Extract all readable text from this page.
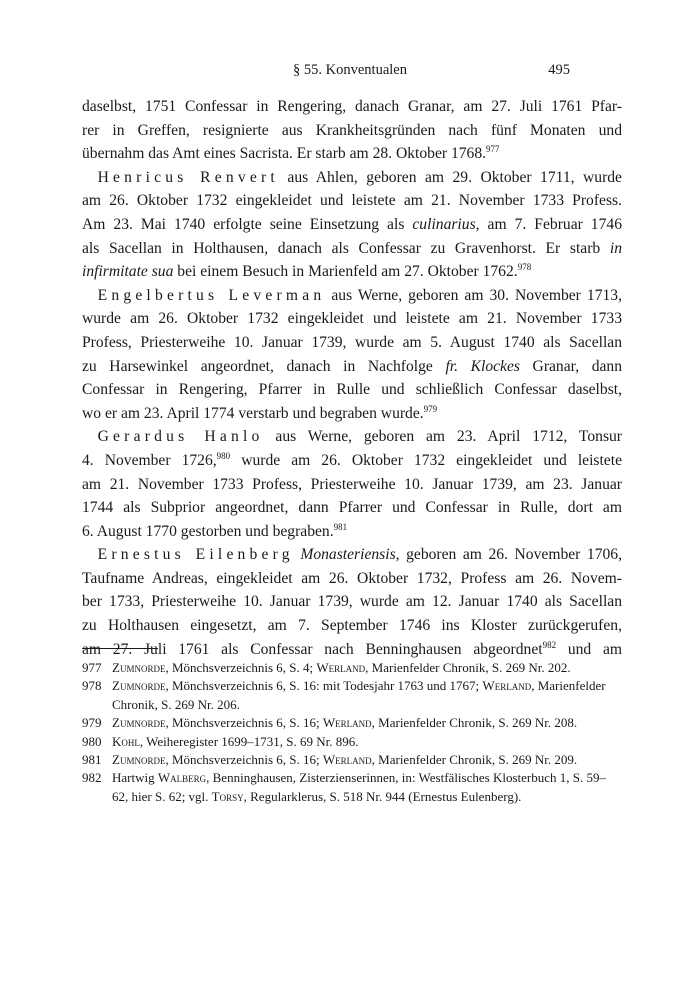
§ 55. Konventualen	495
daselbst, 1751 Confessar in Rengering, danach Granar, am 27. Juli 1761 Pfar-
rer in Greffen, resignierte aus Krankheitsgründen nach fünf Monaten und
übernahm das Amt eines Sacrista. Er starb am 28. Oktober 1768.$^{977}$
 Henricus Renvert aus Ahlen, geboren am 29. Oktober 1711, wurde
am 26. Oktober 1732 eingekleidet und leistete am 21. November 1733 Profess.
Am 23. Mai 1740 erfolgte seine Einsetzung als culinarius, am 7. Februar 1746
als Sacellan in Holthausen, danach als Confessar zu Gravenhorst. Er starb in
infirmitate sua bei einem Besuch in Marienfeld am 27. Oktober 1762.$^{978}$
 Engelbertus Leverman aus Werne, geboren am 30. November 1713,
wurde am 26. Oktober 1732 eingekleidet und leistete am 21. November 1733
Profess, Priesterweihe 10. Januar 1739, wurde am 5. August 1740 als Sacellan
zu Harsewinkel angeordnet, danach in Nachfolge fr. Klockes Granar, dann
Confessar in Rengering, Pfarrer in Rulle und schließlich Confessar daselbst,
wo er am 23. April 1774 verstarb und begraben wurde.$^{979}$
 Gerardus Hanlo aus Werne, geboren am 23. April 1712, Tonsur
4. November 1726,$^{980}$ wurde am 26. Oktober 1732 eingekleidet und leistete
am 21. November 1733 Profess, Priesterweihe 10. Januar 1739, am 23. Januar
1744 als Subprior angeordnet, dann Pfarrer und Confessar in Rulle, dort am
6. August 1770 gestorben und begraben.$^{981}$
 Ernestus Eilenberg Monasteriensis, geboren am 26. November 1706,
Taufname Andreas, eingekleidet am 26. Oktober 1732, Profess am 26. Novem-
ber 1733, Priesterweihe 10. Januar 1739, wurde am 12. Januar 1740 als Sacellan
zu Holthausen eingesetzt, am 7. September 1746 ins Kloster zurückgerufen,
am 27. Juli 1761 als Confessar nach Benninghausen abgeordnet$^{982}$ und am
977 Zumnorde, Mönchsverzeichnis 6, S. 4; Werland, Marienfelder Chronik, S. 269 Nr. 202.
978 Zumnorde, Mönchsverzeichnis 6, S. 16: mit Todesjahr 1763 und 1767; Werland, Marienfelder Chronik, S. 269 Nr. 206.
979 Zumnorde, Mönchsverzeichnis 6, S. 16; Werland, Marienfelder Chronik, S. 269 Nr. 208.
980 Kohl, Weiheregister 1699–1731, S. 69 Nr. 896.
981 Zumnorde, Mönchsverzeichnis 6, S. 16; Werland, Marienfelder Chronik, S. 269 Nr. 209.
982 Hartwig Walberg, Benninghausen, Zisterzienserinnen, in: Westfälisches Klosterbuch 1, S. 59–62, hier S. 62; vgl. Torsy, Regularklerus, S. 518 Nr. 944 (Ernestus Eulenberg).
